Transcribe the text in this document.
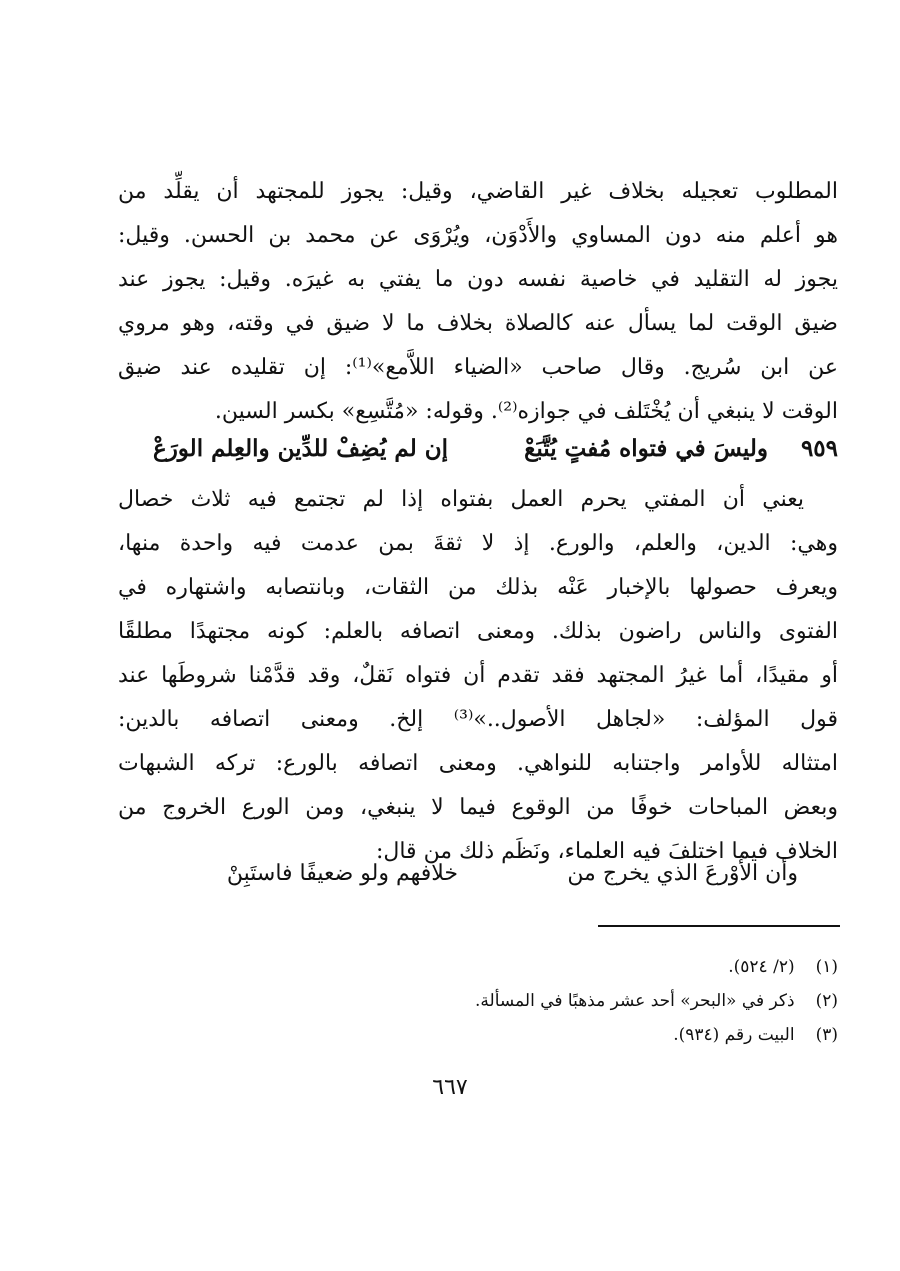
المطلوب تعجيله بخلاف غير القاضي، وقيل: يجوز للمجتهد أن يقلِّد من
هو أعلم منه دون المساوي والأَدْوَن، ويُرْوَى عن محمد بن الحسن. وقيل:
يجوز له التقليد في خاصية نفسه دون ما يفتي به غيرَه. وقيل: يجوز عند
ضيق الوقت لما يسأل عنه كالصلاة بخلاف ما لا ضيق في وقته، وهو مروي
عن ابن سُريج. وقال صاحب «الضياء اللاَّمع»⁽¹⁾: إن تقليده عند ضيق
الوقت لا ينبغي أن يُخْتَلف في جوازه⁽²⁾. وقوله: «مُتَّسِع» بكسر السين.
٩٥٩
وليسَ في فتواه مُفتٍ يُتَّبَعْ
إن لم يُضِفْ للدِّين والعِلم الورَعْ
يعني أن المفتي يحرم العمل بفتواه إذا لم تجتمع فيه ثلاث خصال
وهي: الدين، والعلم، والورع. إذ لا ثقةَ بمن عدمت فيه واحدة منها،
ويعرف حصولها بالإخبار عَنْه بذلك من الثقات، وبانتصابه واشتهاره في
الفتوى والناس راضون بذلك. ومعنى اتصافه بالعلم: كونه مجتهدًا مطلقًا
أو مقيدًا، أما غيرُ المجتهد فقد تقدم أن فتواه نَقلٌ، وقد قدَّمْنا شروطَها عند
قول المؤلف: «لجاهل الأصول..»⁽³⁾ إلخ. ومعنى اتصافه بالدين:
امتثاله للأوامر واجتنابه للنواهي. ومعنى اتصافه بالورع: تركه الشبهات
وبعض المباحات خوفًا من الوقوع فيما لا ينبغي، ومن الورع الخروج من
الخلاف فيما اختلفَ فيه العلماء، ونَظَم ذلك من قال:
وأن الأَوْرعَ الذي يخرج من
خلافهم ولو ضعيفًا فاستَبِنْ
(١) (٢/ ٥٢٤).
(٢) ذكر في «البحر» أحد عشر مذهبًا في المسألة.
(٣) البيت رقم (٩٣٤).
٦٦٧
